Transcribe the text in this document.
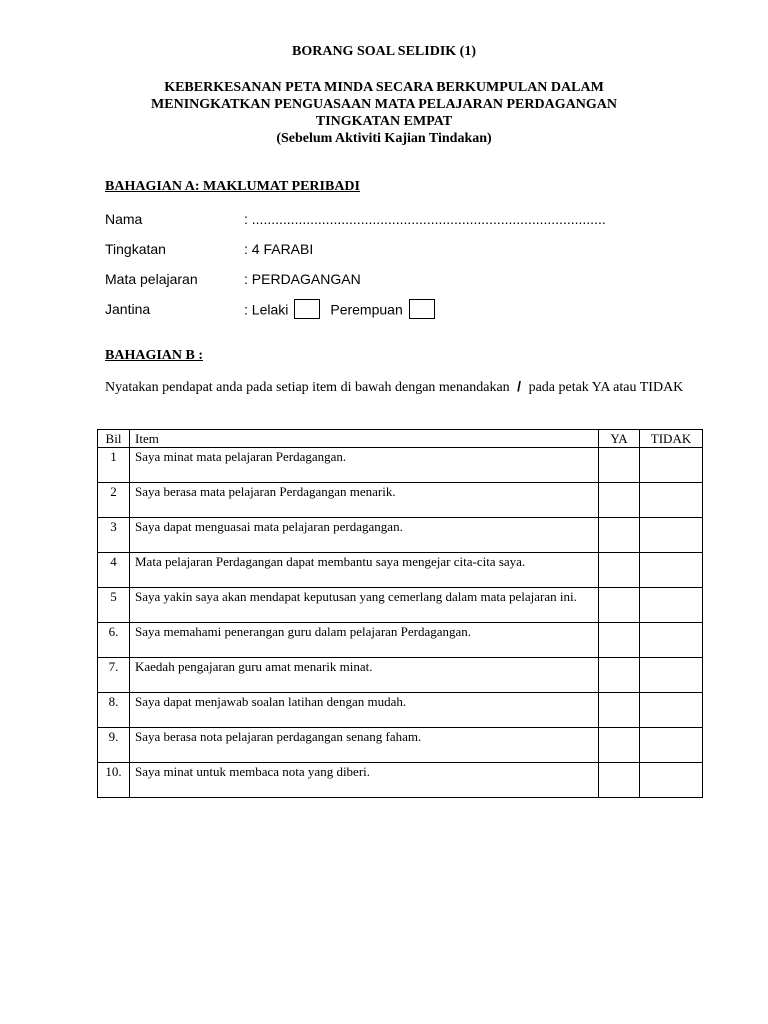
BORANG SOAL SELIDIK (1)
KEBERKESANAN PETA MINDA SECARA BERKUMPULAN DALAM
MENINGKATKAN PENGUASAAN MATA PELAJARAN PERDAGANGAN
TINGKATAN EMPAT
(Sebelum Aktiviti Kajian Tindakan)
BAHAGIAN A: MAKLUMAT PERIBADI
Nama	: ...........................................................................................
Tingkatan	: 4 FARABI
Mata pelajaran	: PERDAGANGAN
Jantina	: Lelaki	Perempuan
BAHAGIAN B :
Nyatakan pendapat anda pada setiap item di bawah dengan menandakan / pada petak YA atau TIDAK
Bil	Item	YA	TIDAK
1	Saya minat mata pelajaran Perdagangan.		
2	Saya berasa mata pelajaran Perdagangan menarik.		
3	Saya dapat menguasai mata pelajaran perdagangan.		
4	Mata pelajaran Perdagangan dapat membantu saya mengejar cita-cita saya.		
5	Saya yakin saya akan mendapat keputusan yang cemerlang dalam mata pelajaran ini.		
6.	Saya memahami penerangan guru dalam pelajaran Perdagangan.		
7.	Kaedah pengajaran guru amat menarik minat.		
8.	Saya dapat menjawab soalan latihan dengan mudah.		
9.	Saya berasa nota pelajaran perdagangan senang faham.		
10.	Saya minat untuk membaca nota yang diberi.		
